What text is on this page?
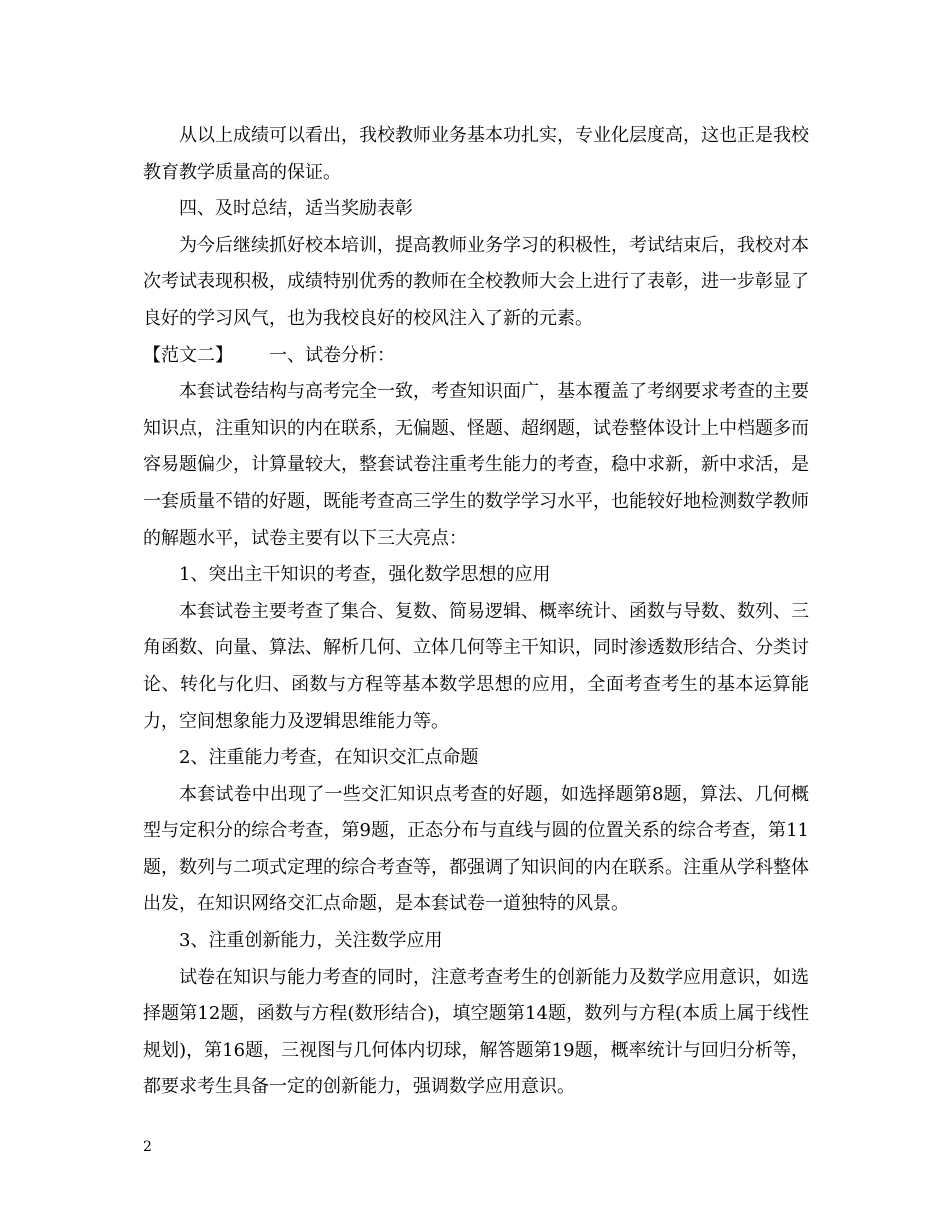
从以上成绩可以看出，我校教师业务基本功扎实，专业化层度高，这也正是我校教育教学质量高的保证。

四、及时总结，适当奖励表彰

为今后继续抓好校本培训，提高教师业务学习的积极性，考试结束后，我校对本次考试表现积极，成绩特别优秀的教师在全校教师大会上进行了表彰，进一步彰显了良好的学习风气，也为我校良好的校风注入了新的元素。

【范文二】	一、试卷分析：

本套试卷结构与高考完全一致，考查知识面广，基本覆盖了考纲要求考查的主要知识点，注重知识的内在联系，无偏题、怪题、超纲题，试卷整体设计上中档题多而容易题偏少，计算量较大，整套试卷注重考生能力的考查，稳中求新，新中求活，是一套质量不错的好题，既能考查高三学生的数学学习水平，也能较好地检测数学教师的解题水平，试卷主要有以下三大亮点：

1、突出主干知识的考查，强化数学思想的应用

本套试卷主要考查了集合、复数、简易逻辑、概率统计、函数与导数、数列、三角函数、向量、算法、解析几何、立体几何等主干知识，同时渗透数形结合、分类讨论、转化与化归、函数与方程等基本数学思想的应用，全面考查考生的基本运算能力，空间想象能力及逻辑思维能力等。

2、注重能力考查，在知识交汇点命题

本套试卷中出现了一些交汇知识点考查的好题，如选择题第8题，算法、几何概型与定积分的综合考查，第9题，正态分布与直线与圆的位置关系的综合考查，第11题，数列与二项式定理的综合考查等，都强调了知识间的内在联系。注重从学科整体出发，在知识网络交汇点命题，是本套试卷一道独特的风景。

3、注重创新能力，关注数学应用

试卷在知识与能力考查的同时，注意考查考生的创新能力及数学应用意识，如选择题第12题，函数与方程(数形结合)，填空题第14题，数列与方程(本质上属于线性规划)，第16题，三视图与几何体内切球，解答题第19题，概率统计与回归分析等，都要求考生具备一定的创新能力，强调数学应用意识。

2
